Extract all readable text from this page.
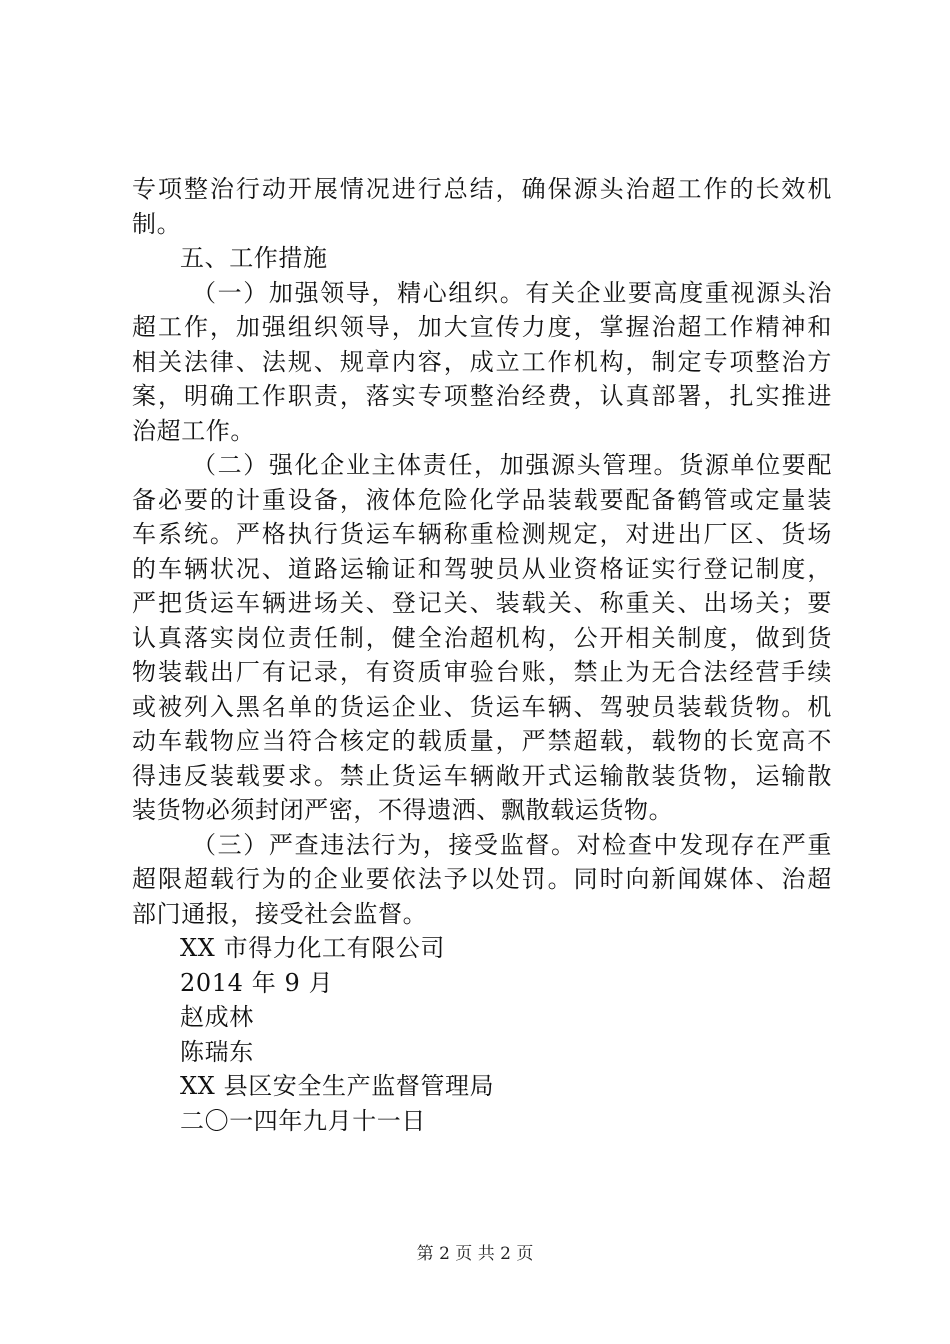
专项整治行动开展情况进行总结，确保源头治超工作的长效机
制。
五、工作措施
（一）加强领导，精心组织。有关企业要高度重视源头治
超工作，加强组织领导，加大宣传力度，掌握治超工作精神和
相关法律、法规、规章内容，成立工作机构，制定专项整治方
案，明确工作职责，落实专项整治经费，认真部署，扎实推进
治超工作。
（二）强化企业主体责任，加强源头管理。货源单位要配
备必要的计重设备，液体危险化学品装载要配备鹤管或定量装
车系统。严格执行货运车辆称重检测规定，对进出厂区、货场
的车辆状况、道路运输证和驾驶员从业资格证实行登记制度，
严把货运车辆进场关、登记关、装载关、称重关、出场关；要
认真落实岗位责任制，健全治超机构，公开相关制度，做到货
物装载出厂有记录，有资质审验台账，禁止为无合法经营手续
或被列入黑名单的货运企业、货运车辆、驾驶员装载货物。机
动车载物应当符合核定的载质量，严禁超载，载物的长宽高不
得违反装载要求。禁止货运车辆敞开式运输散装货物，运输散
装货物必须封闭严密，不得遗洒、飘散载运货物。
（三）严查违法行为，接受监督。对检查中发现存在严重
超限超载行为的企业要依法予以处罚。同时向新闻媒体、治超
部门通报，接受社会监督。
XX 市得力化工有限公司
2014 年 9 月
赵成林
陈瑞东
XX 县区安全生产监督管理局
二〇一四年九月十一日
第 2 页 共 2 页
